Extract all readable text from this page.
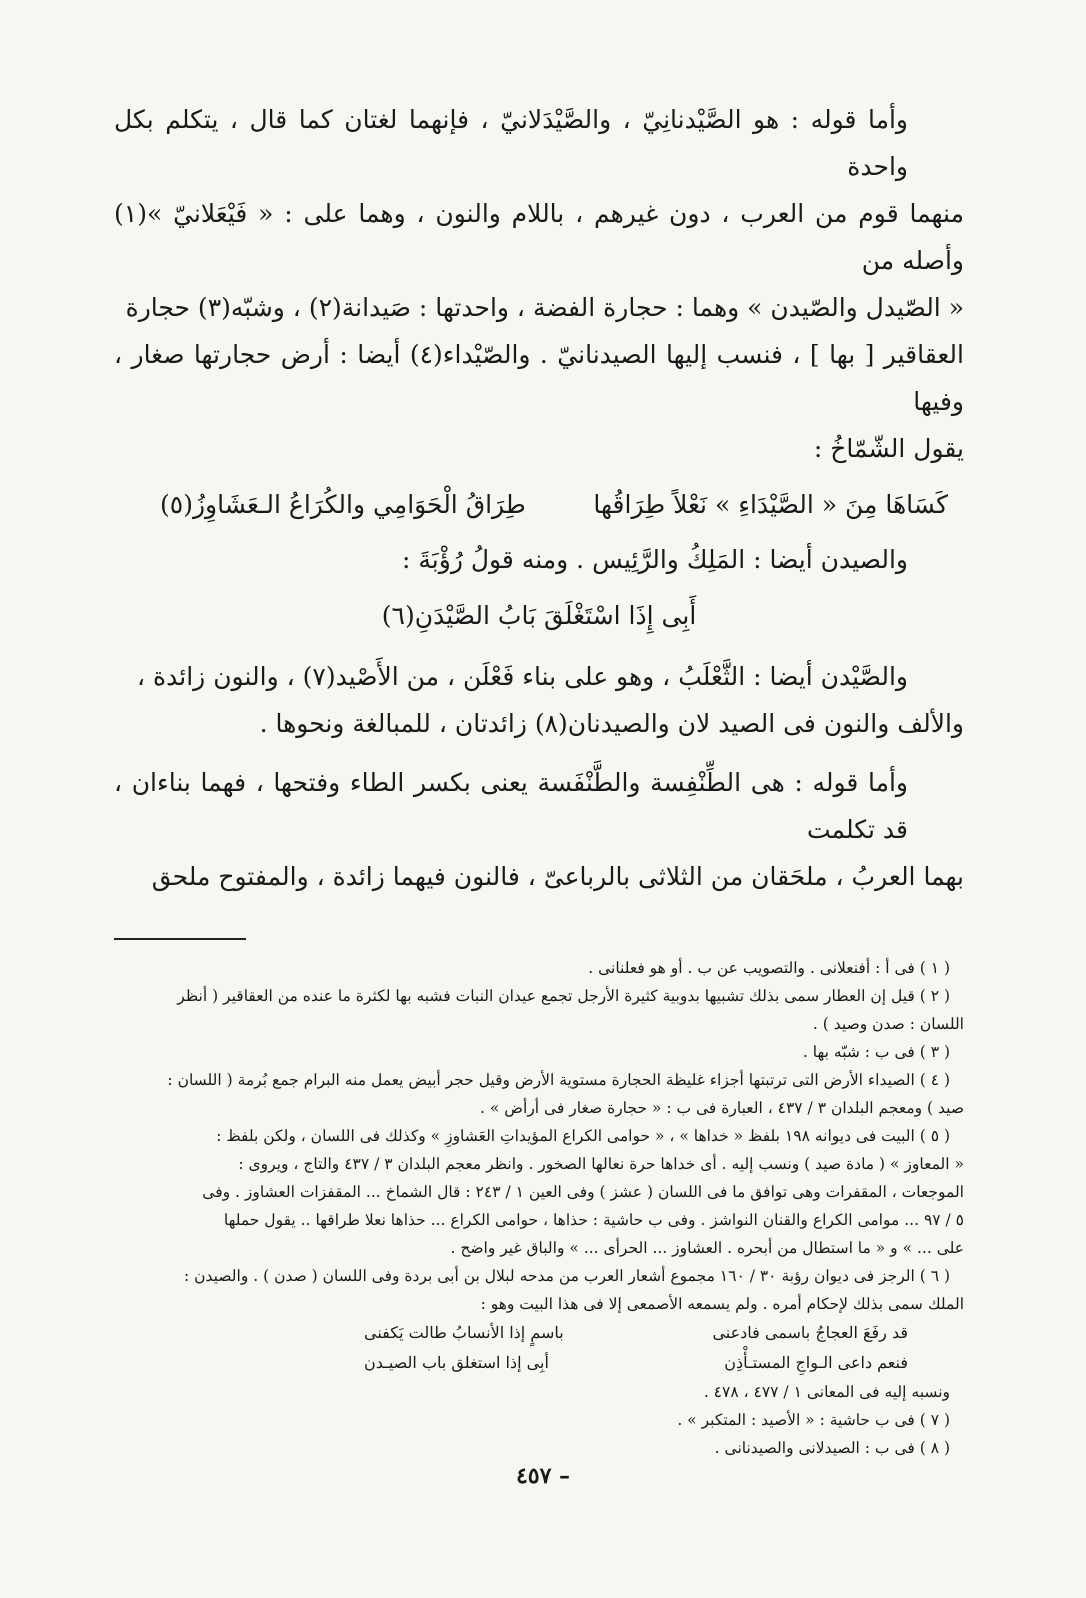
وأما قوله : هو الصَّيْدنانِيّ ، والصَّيْدَلانيّ ، فإنهما لغتان كما قال ، يتكلم بكل واحدة

منهما قوم من العرب ، دون غيرهم ، باللام والنون ، وهما على : « فَيْعَلانيّ »(١) وأصله من

« الصّيدل والصّيدن » وهما : حجارة الفضة ، واحدتها : صَيدانة(٢) ، وشبّه(٣) حجارة

العقاقير [ بها ] ، فنسب إليها الصيدنانيّ . والصّيْداء(٤) أيضا : أرض حجارتها صغار ، وفيها

يقول الشّمّاخُ :

كَسَاهَا مِنَ « الصَّيْدَاءِ » نَعْلاً طِرَاقُها
طِرَاقُ الْحَوَامِي والكُرَاعُ الـعَشَاوِزُ(٥)

والصيدن أيضا : المَلِكُ والرَّئِيس . ومنه قولُ رُؤْبَةَ :

أَبِى إِذَا اسْتَغْلَقَ بَابُ الصَّيْدَنِ(٦)

والصَّيْدن أيضا : الثَّعْلَبُ ، وهو على بناء فَعْلَن ، من الأَصْيد(٧) ، والنون زائدة ،

والألف والنون فى الصيد لان والصيدنان(٨) زائدتان ، للمبالغة ونحوها .

وأما قوله : هى الطِّنْفِسة والطَّنْفَسة يعنى بكسر الطاء وفتحها ، فهما بناءان ، قد تكلمت

بهما العربُ ، ملحَقان من الثلاثى بالرباعىّ ، فالنون فيهما زائدة ، والمفتوح ملحق

( ١ ) فى أ : أفنعلانى . والتصويب عن ب . أو هو فعلنانى .

( ٢ ) قيل إن العطار سمى بذلك تشبيها بدوبية كثيرة الأرجل تجمع عيدان النبات فشبه بها لكثرة ما عنده من العقاقير ( أنظر

اللسان : صدن وصيد ) .

( ٣ ) فى ب : شبّه بها .

( ٤ ) الصيداء الأرض التى ترتبتها أجزاء غليظة الحجارة مستوية الأرض وقيل حجر أبيض يعمل منه البرام جمع بُرمة ( اللسان :

صيد ) ومعجم البلدان ٣ / ٤٣٧ ، العبارة فى ب : « حجارة صغار فى أرأض » .

( ٥ ) البيت فى ديوانه ١٩٨ بلفظ « خداها » ، « حوامى الكراع المؤيداتِ العَشاوزِ » وكذلك فى اللسان ، ولكن بلفظ :

« المعاوز » ( مادة صيد ) ونسب إليه . أى خداها حرة نعالها الصخور . وانظر معجم البلدان ٣ / ٤٣٧ والتاج ، ويروى :

الموجعات ، المقفرات وهى توافق ما فى اللسان ( عشز ) وفى العين ١ / ٢٤٣ : قال الشماخ ... المقفزات العشاوز . وفى

٥ / ٩٧ ... موامى الكراع والقنان النواشز . وفى ب حاشية : حذاها ، حوامى الكراع ... حذاها نعلا طراقها .. يقول حملها

على ... » و « ما استطال من أبحره . العشاوز ... الحرأى ... » والباق غير واضح .

( ٦ ) الرجز فى ديوان رؤبة ٣٠ / ١٦٠ مجموع أشعار العرب من مدحه لبلال بن أبى بردة وفى اللسان ( صدن ) . والصيدن :

الملك سمى بذلك لإحكام أمره . ولم يسمعه الأصمعى إلا فى هذا البيت وهو :

قد رفَعَ العجاجُ باسمى فادعنى
باسمٍ إذا الأنسابُ طالت يَكفنى
فنعم داعى الـواجِ المستـأْذِن
أبِى إذا استغلق باب الصيـدن

ونسبه إليه فى المعانى ١ / ٤٧٧ ، ٤٧٨ .

( ٧ ) فى ب حاشية : « الأصيد : المتكبر » .

( ٨ ) فى ب : الصيدلانى والصيدنانى .

– ٤٥٧
